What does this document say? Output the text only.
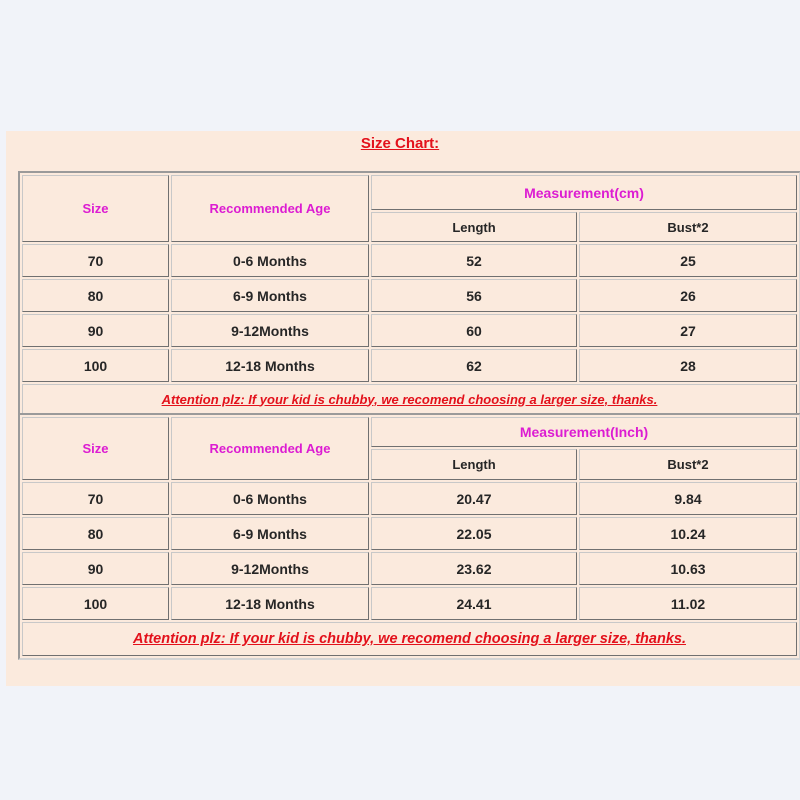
Size Chart:
Size	Recommended Age	Measurement(cm)	
		Length	Bust*2
70	0-6 Months	52	25
80	6-9 Months	56	26
90	9-12Months	60	27
100	12-18 Months	62	28
Attention plz: If your kid is chubby, we recomend choosing a larger size, thanks.			
Size	Recommended Age	Measurement(Inch)	
		Length	Bust*2
70	0-6 Months	20.47	9.84
80	6-9 Months	22.05	10.24
90	9-12Months	23.62	10.63
100	12-18 Months	24.41	11.02
Attention plz: If your kid is chubby, we recomend choosing a larger size, thanks.			
